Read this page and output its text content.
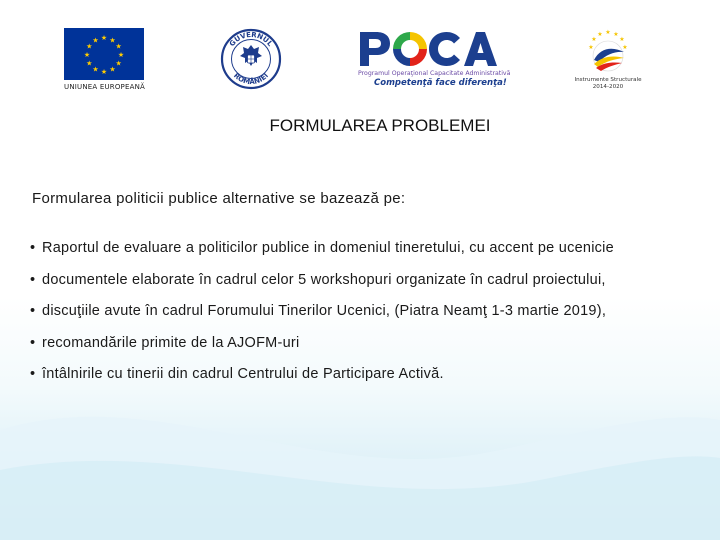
★ ★
★
★
★
★
★
★
★
★
★
★
UNIUNEA EUROPEANĂ
GUVERNUL
ROMÂNIEI	Programul Operaţional Capacitate Administrativă
Competenţă face diferenţa!
★ ★
★
★
★
★
★
Instrumente Structurale
2014-2020
FORMULAREA PROBLEMEI
Formularea politicii publice alternative se bazează pe:
• Raportul de evaluare a politicilor publice in domeniul tineretului, cu accent pe ucenicie
• documentele elaborate în cadrul celor 5 workshopuri organizate în cadrul proiectului,
• discuţiile avute în cadrul Forumului Tinerilor Ucenici, (Piatra Neamţ 1-3 martie 2019),
• recomandările primite de la AJOFM-uri
• întâlnirile cu tinerii din cadrul Centrului de Participare Activă.
